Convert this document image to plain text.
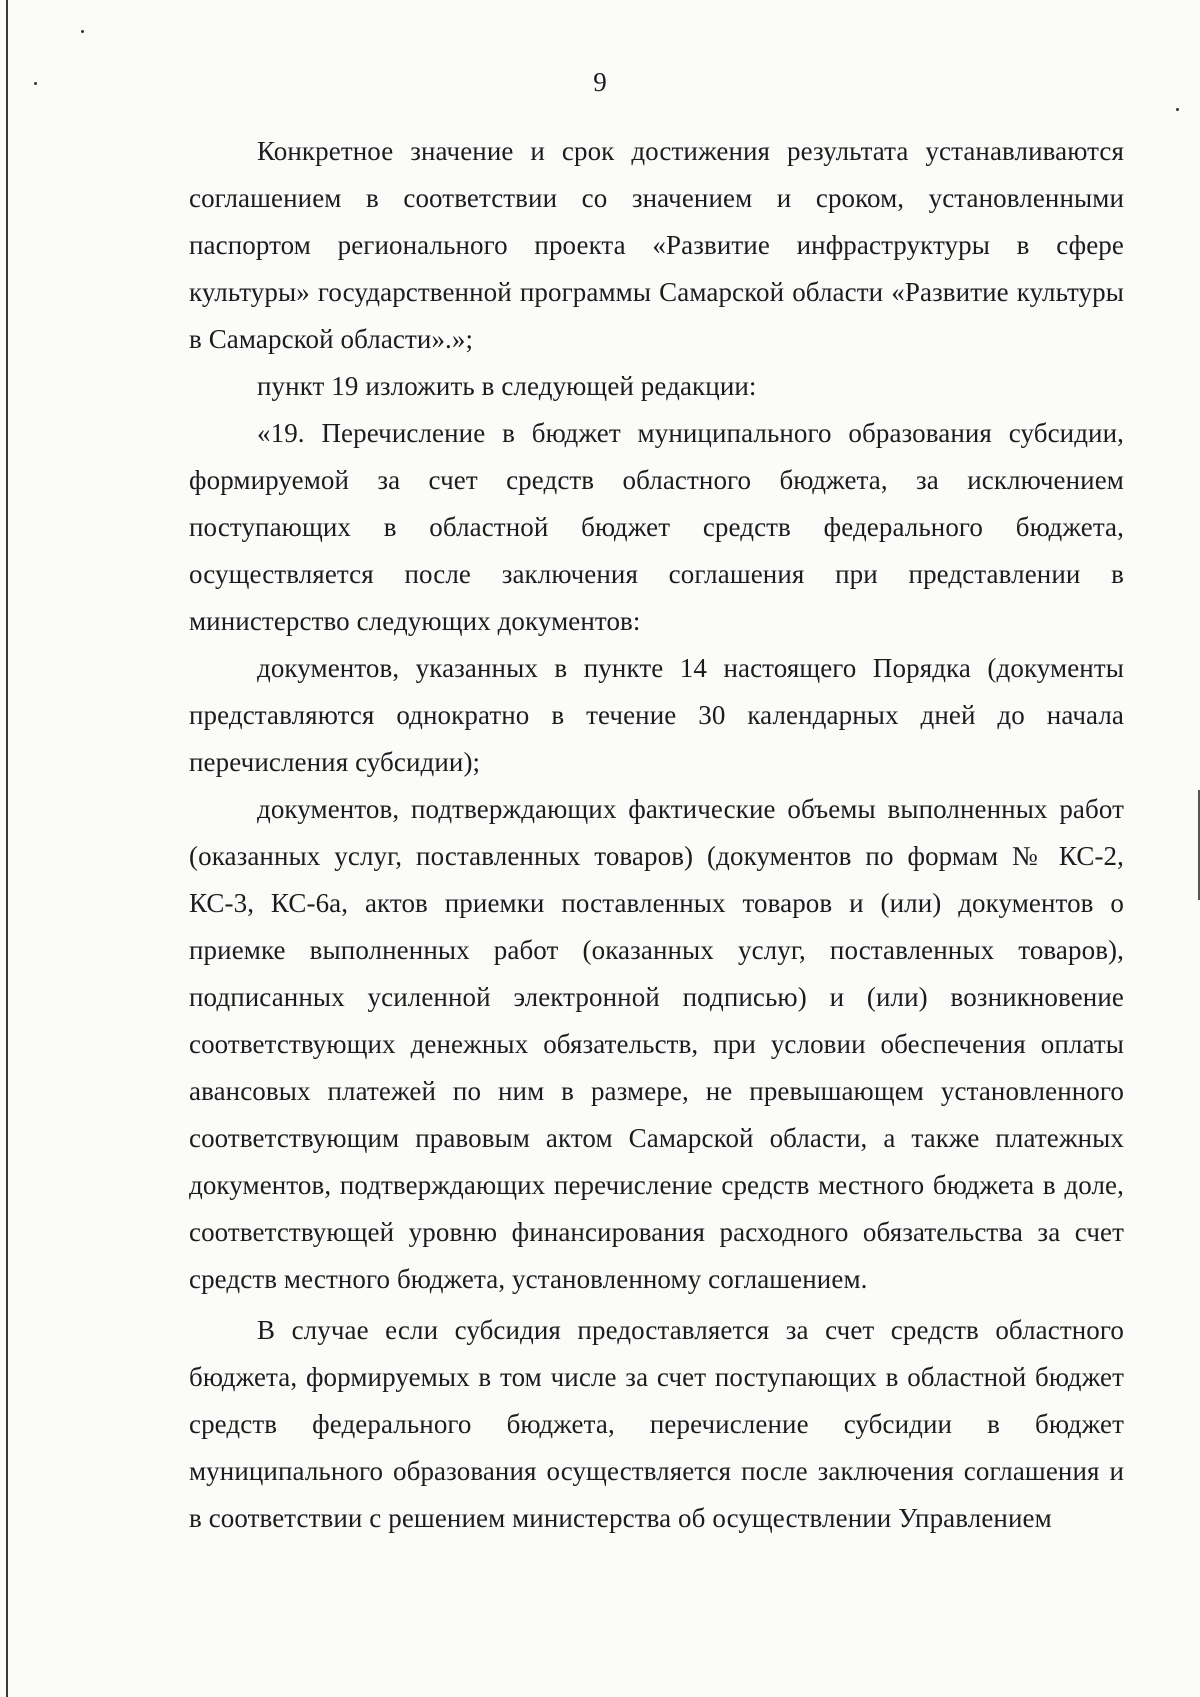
9

Конкретное значение и срок достижения результата устанавливаются соглашением в соответствии со значением и сроком, установленными паспортом регионального проекта «Развитие инфраструктуры в сфере культуры» государственной программы Самарской области «Развитие культуры в Самарской области».»;

пункт 19 изложить в следующей редакции:

«19. Перечисление в бюджет муниципального образования субсидии, формируемой за счет средств областного бюджета, за исключением поступающих в областной бюджет средств федерального бюджета, осуществляется после заключения соглашения при представлении в министерство следующих документов:

документов, указанных в пункте 14 настоящего Порядка (документы представляются однократно в течение 30 календарных дней до начала перечисления субсидии);

документов, подтверждающих фактические объемы выполненных работ (оказанных услуг, поставленных товаров) (документов по формам № КС-2, КС-3, КС-6а, актов приемки поставленных товаров и (или) документов о приемке выполненных работ (оказанных услуг, поставленных товаров), подписанных усиленной электронной подписью) и (или) возникновение соответствующих денежных обязательств, при условии обеспечения оплаты авансовых платежей по ним в размере, не превышающем установленного соответствующим правовым актом Самарской области, а также платежных документов, подтверждающих перечисление средств местного бюджета в доле, соответствующей уровню финансирования расходного обязательства за счет средств местного бюджета, установленному соглашением.

В случае если субсидия предоставляется за счет средств областного бюджета, формируемых в том числе за счет поступающих в областной бюджет средств федерального бюджета, перечисление субсидии в бюджет муниципального образования осуществляется после заключения соглашения и в соответствии с решением министерства об осуществлении Управлением
